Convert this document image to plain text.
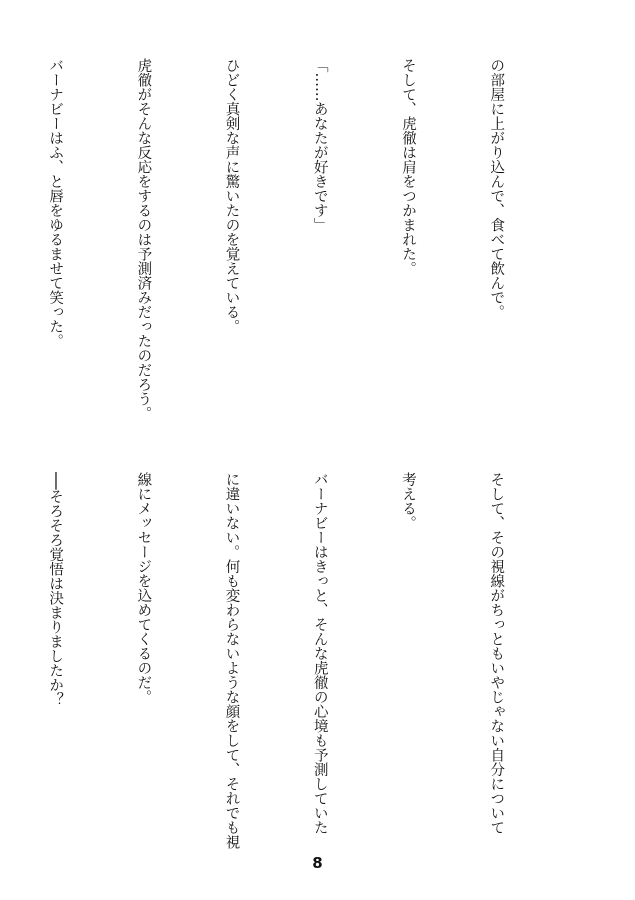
の部屋に上がり込んで、食べて飲んで。

そして、虎徹は肩をつかまれた。

「……あなたが好きです」

ひどく真剣な声に驚いたのを覚えている。

虎徹がそんな反応をするのは予測済みだったのだろう。

バーナビーはふ、と唇をゆるませて笑った。

そして、その視線がちっともいやじゃない自分について

考える。

バーナビーはきっと、そんな虎徹の心境も予測していた

に違いない。何も変わらないような顔をして、それでも視

線にメッセージを込めてくるのだ。

──そろそろ覚悟は決まりましたか？

8
